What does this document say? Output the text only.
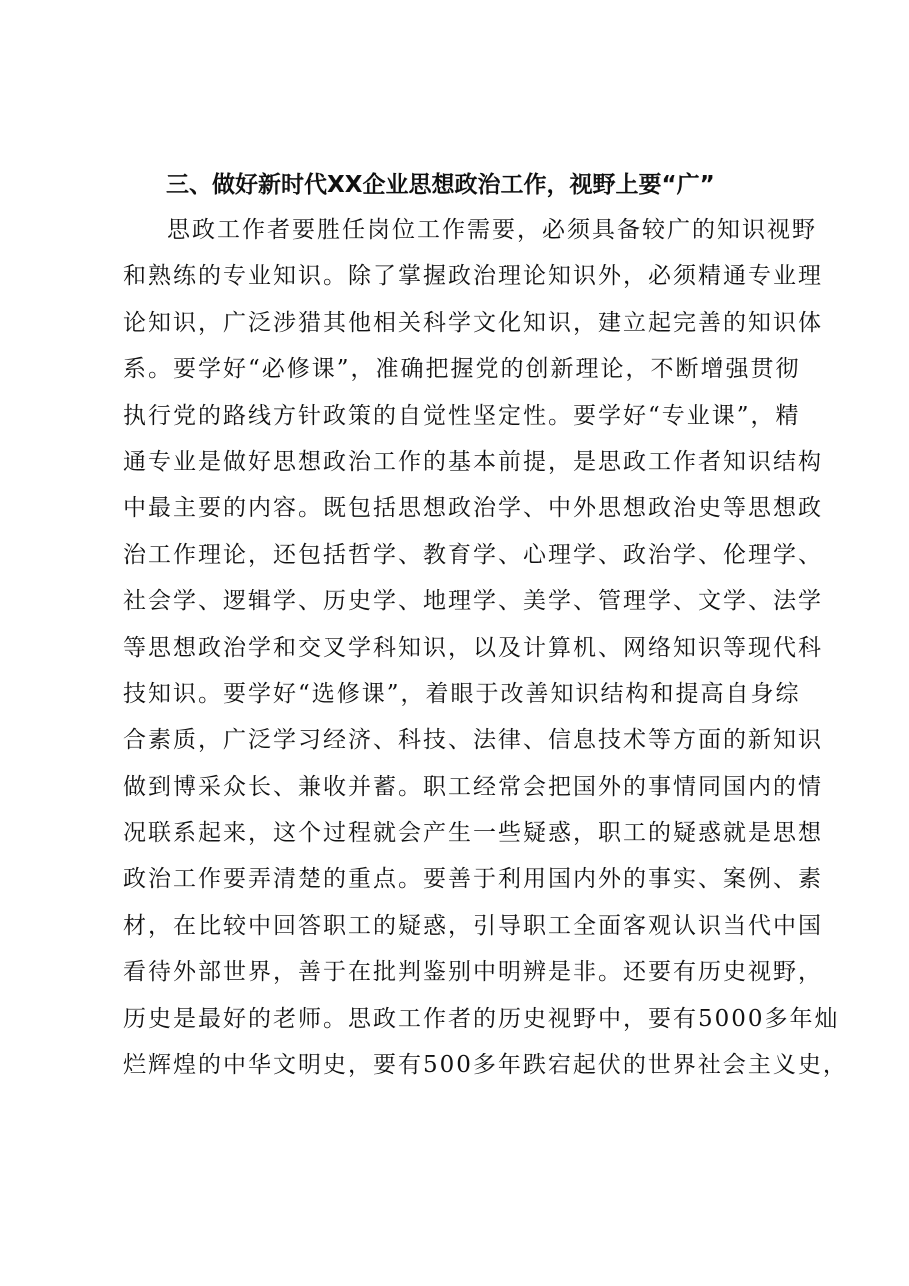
三、做好新时代XX企业思想政治工作，视野上要“广”
思政工作者要胜任岗位工作需要，必须具备较广的知识视野
和熟练的专业知识。除了掌握政治理论知识外，必须精通专业理
论知识，广泛涉猎其他相关科学文化知识，建立起完善的知识体
系。要学好“必修课”，准确把握党的创新理论，不断增强贯彻
执行党的路线方针政策的自觉性坚定性。要学好“专业课”，精
通专业是做好思想政治工作的基本前提，是思政工作者知识结构
中最主要的内容。既包括思想政治学、中外思想政治史等思想政
治工作理论，还包括哲学、教育学、心理学、政治学、伦理学、
社会学、逻辑学、历史学、地理学、美学、管理学、文学、法学
等思想政治学和交叉学科知识，以及计算机、网络知识等现代科
技知识。要学好“选修课”，着眼于改善知识结构和提高自身综
合素质，广泛学习经济、科技、法律、信息技术等方面的新知识
做到博采众长、兼收并蓄。职工经常会把国外的事情同国内的情
况联系起来，这个过程就会产生一些疑惑，职工的疑惑就是思想
政治工作要弄清楚的重点。要善于利用国内外的事实、案例、素
材，在比较中回答职工的疑惑，引导职工全面客观认识当代中国
看待外部世界，善于在批判鉴别中明辨是非。还要有历史视野，
历史是最好的老师。思政工作者的历史视野中，要有5000多年灿
烂辉煌的中华文明史，要有500多年跌宕起伏的世界社会主义史，
